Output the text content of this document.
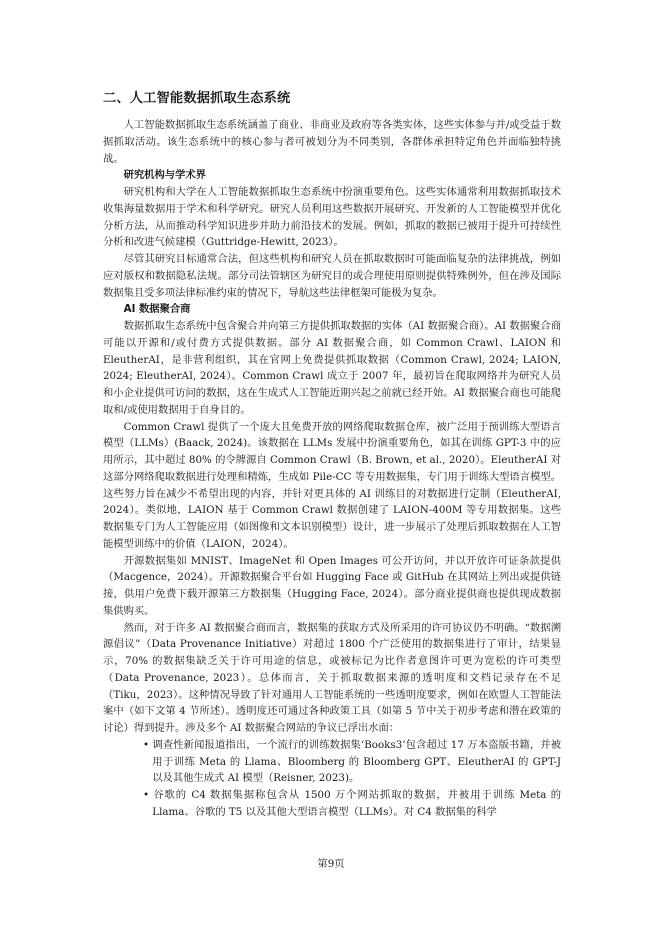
二、人工智能数据抓取生态系统

人工智能数据抓取生态系统涵盖了商业、非商业及政府等各类实体，这些实体参与并/或受益于数据抓取活动。该生态系统中的核心参与者可被划分为不同类别，各群体承担特定角色并面临独特挑战。

研究机构与学术界

研究机构和大学在人工智能数据抓取生态系统中扮演重要角色。这些实体通常利用数据抓取技术收集海量数据用于学术和科学研究。研究人员利用这些数据开展研究、开发新的人工智能模型并优化分析方法，从而推动科学知识进步并助力前沿技术的发展。例如，抓取的数据已被用于提升可持续性分析和改进气候建模（Guttridge-Hewitt, 2023）。

尽管其研究目标通常合法，但这些机构和研究人员在抓取数据时可能面临复杂的法律挑战，例如应对版权和数据隐私法规。部分司法管辖区为研究目的或合理使用原则提供特殊例外，但在涉及国际数据集且受多项法律标准约束的情况下，导航这些法律框架可能极为复杂。

AI 数据聚合商

数据抓取生态系统中包含聚合并向第三方提供抓取数据的实体（AI 数据聚合商）。AI 数据聚合商可能以开源和/或付费方式提供数据。部分 AI 数据聚合商，如 Common Crawl、LAION 和 EleutherAI，是非营利组织，其在官网上免费提供抓取数据（Common Crawl, 2024; LAION, 2024; EleutherAI, 2024）。Common Crawl 成立于 2007 年，最初旨在爬取网络并为研究人员和小企业提供可访问的数据，这在生成式人工智能近期兴起之前就已经开始。AI 数据聚合商也可能爬取和/或使用数据用于自身目的。

Common Crawl 提供了一个庞大且免费开放的网络爬取数据仓库，被广泛用于预训练大型语言模型（LLMs）(Baack, 2024)。该数据在 LLMs 发展中扮演重要角色，如其在训练 GPT-3 中的应用所示，其中超过 80% 的令牌源自 Common Crawl（B. Brown, et al., 2020）。EleutherAI 对这部分网络爬取数据进行处理和精炼，生成如 Pile-CC 等专用数据集，专门用于训练大型语言模型。这些努力旨在减少不希望出现的内容，并针对更具体的 AI 训练目的对数据进行定制（EleutherAI, 2024）。类似地，LAION 基于 Common Crawl 数据创建了 LAION-400M 等专用数据集。这些数据集专门为人工智能应用（如图像和文本识别模型）设计，进一步展示了处理后抓取数据在人工智能模型训练中的价值（LAION，2024）。

开源数据集如 MNIST、ImageNet 和 Open Images 可公开访问，并以开放许可证条款提供（Macgence，2024）。开源数据聚合平台如 Hugging Face 或 GitHub 在其网站上列出或提供链接，供用户免费下载开源第三方数据集（Hugging Face, 2024）。部分商业提供商也提供现成数据集供购买。

然而，对于许多 AI 数据聚合商而言，数据集的获取方式及所采用的许可协议仍不明确。“数据溯源倡议”（Data Provenance Initiative）对超过 1800 个广泛使用的数据集进行了审计，结果显示，70% 的数据集缺乏关于许可用途的信息，或被标记为比作者意图许可更为宽松的许可类型（Data Provenance, 2023）。总体而言，关于抓取数据来源的透明度和文档记录存在不足（Tiku，2023）。这种情况导致了针对通用人工智能系统的一些透明度要求，例如在欧盟人工智能法案中（如下文第 4 节所述）。透明度还可通过各种政策工具（如第 5 节中关于初步考虑和潜在政策的讨论）得到提升。涉及多个 AI 数据聚合网站的争议已浮出水面：

• 调查性新闻报道指出，一个流行的训练数据集‘Books3’包含超过 17 万本盗版书籍，并被用于训练 Meta 的 Llama、Bloomberg 的 Bloomberg GPT、EleutherAI 的 GPT-J 以及其他生成式 AI 模型（Reisner, 2023)。
• 谷歌的 C4 数据集据称包含从 1500 万个网站抓取的数据，并被用于训练 Meta 的 Llama、谷歌的 T5 以及其他大型语言模型（LLMs）。对 C4 数据集的科学
第9页
